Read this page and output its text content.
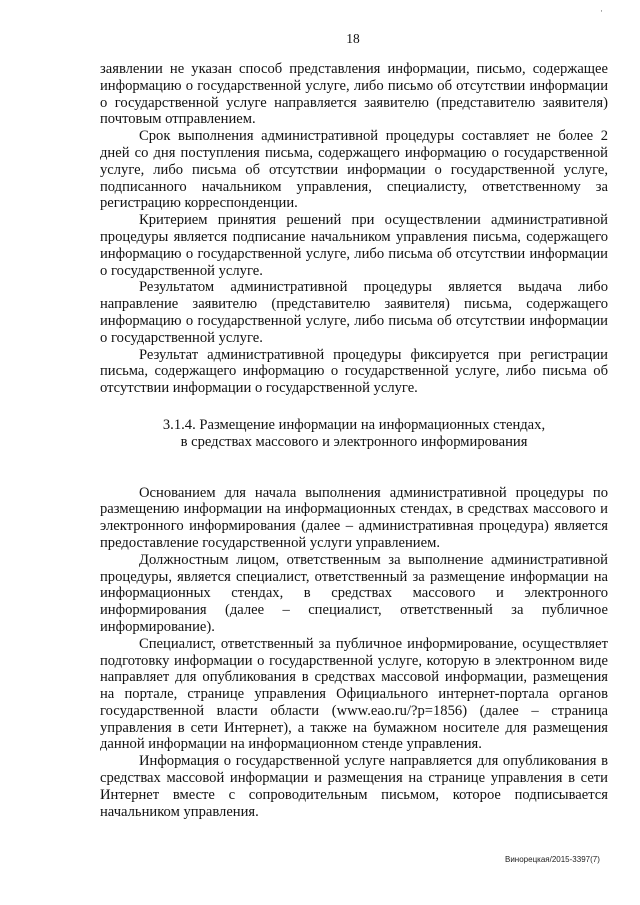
18
·

заявлении не указан способ представления информации, письмо, содержащее информацию о государственной услуге, либо письмо об отсутствии информации о государственной услуге направляется заявителю (представителю заявителя) почтовым отправлением.

Срок выполнения административной процедуры составляет не более 2 дней со дня поступления письма, содержащего информацию о государственной услуге, либо письма об отсутствии информации о государственной услуге, подписанного начальником управления, специалисту, ответственному за регистрацию корреспонденции.

Критерием принятия решений при осуществлении административной процедуры является подписание начальником управления письма, содержащего информацию о государственной услуге, либо письма об отсутствии информации о государственной услуге.

Результатом административной процедуры является выдача либо направление заявителю (представителю заявителя) письма, содержащего информацию о государственной услуге, либо письма об отсутствии информации о государственной услуге.

Результат административной процедуры фиксируется при регистрации письма, содержащего информацию о государственной услуге, либо письма об отсутствии информации о государственной услуге.

3.1.4. Размещение информации на информационных стендах,
в средствах массового и электронного информирования

Основанием для начала выполнения административной процедуры по размещению информации на информационных стендах, в средствах массового и электронного информирования (далее – административная процедура) является предоставление государственной услуги управлением.

Должностным лицом, ответственным за выполнение административной процедуры, является специалист, ответственный за размещение информации на информационных стендах, в средствах массового и электронного информирования (далее – специалист, ответственный за публичное информирование).

Специалист, ответственный за публичное информирование, осуществляет подготовку информации о государственной услуге, которую в электронном виде направляет для опубликования в средствах массовой информации, размещения на портале, странице управления Официального интернет-портала органов государственной власти области (www.eao.ru/?p=1856) (далее – страница управления в сети Интернет), а также на бумажном носителе для размещения данной информации на информационном стенде управления.

Информация о государственной услуге направляется для опубликования в средствах массовой информации и размещения на странице управления в сети Интернет вместе с сопроводительным письмом, которое подписывается начальником управления.

Винорецкая/2015-3397(7)
